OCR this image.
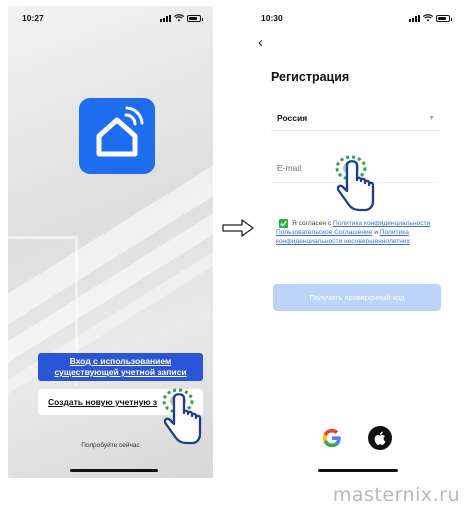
10:27
Вход с использованием
существующей учетной записи
Создать новую учетную з
Попробуйте сейчас
10:30
‹
Регистрация
Россия	▼
E-mail
Я согласен с Политика конфиденциальности Пользовательское Соглашение и Политика конфиденциальности несовершеннолетних
Получить проверочный код
masternix.ru
